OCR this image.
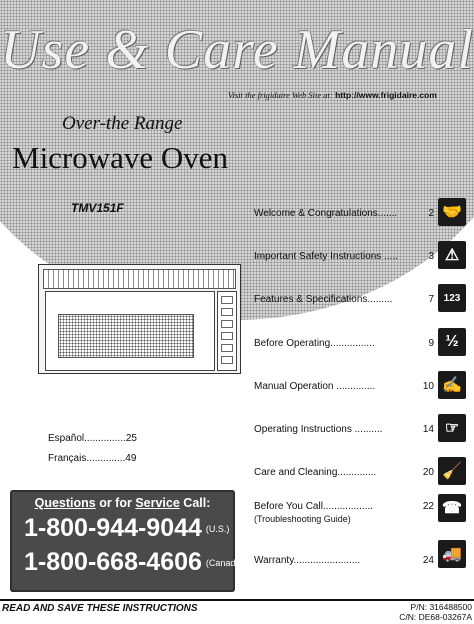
Use & Care Manual
Visit the frigidaire Web Site at: http://www.frigidaire.com
Over-the Range
Microwave Oven
TMV151F
Español...............25
Français..............49
Questions or for Service Call:
1-800-944-9044 (U.S.)
1-800-668-4606 (Canada)
Welcome & Congratulations.......	2
Important Safety Instructions .....	3
Features & Specifications.........	7
Before Operating................	9
Manual Operation ..............	10
Operating Instructions ..........	14
Care and Cleaning..............	20
Before You Call..................	22
(Troubleshooting Guide)
Warranty........................	24
🤝
⚠
123
½
✍
☞
🧹
☎
🚚
READ AND SAVE THESE INSTRUCTIONS	P/N: 316488500
C/N: DE68-03267A
